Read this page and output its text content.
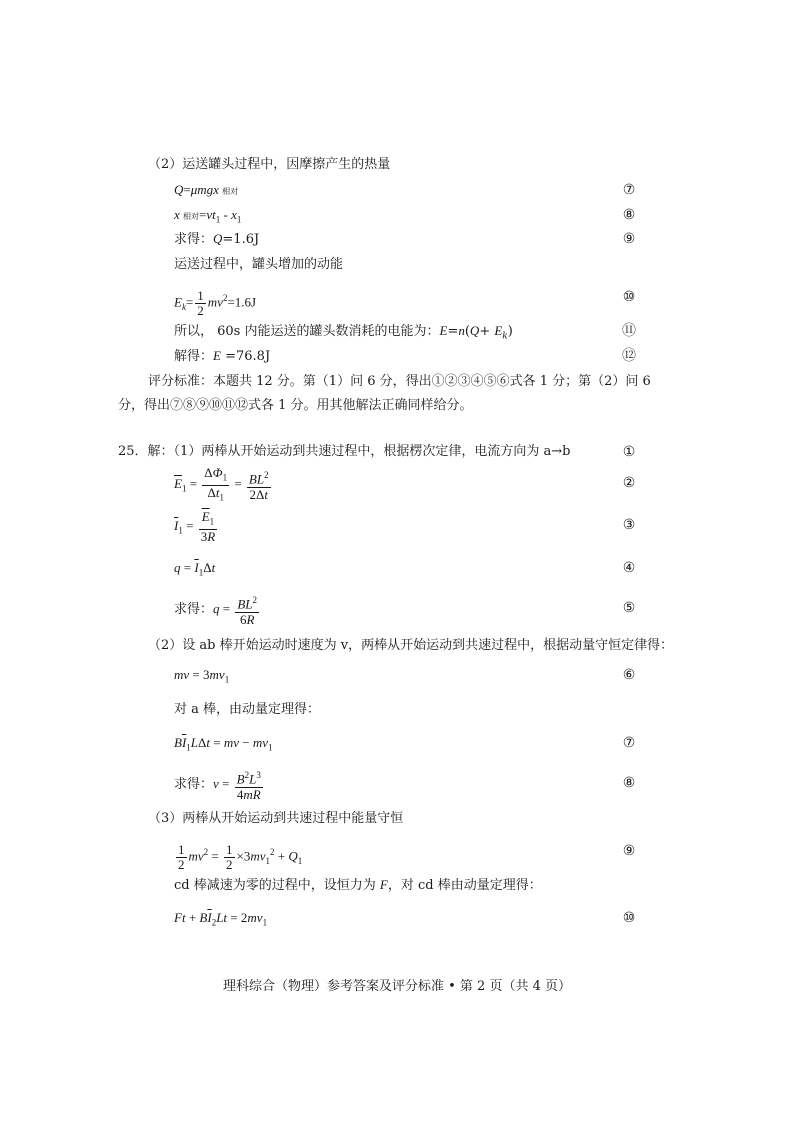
（2）运送罐头过程中，因摩擦产生的热量
Q=μmgx 相对	⑦
x 相对$=vt_1 - x_1$	⑧
求得：Q=1.6J	⑨
运送过程中，罐头增加的动能
$E_k= \frac{1}{2} mv^2=1.6J$	⑩
所以， 60s 内能运送的罐头数消耗的电能为：$E=n(Q+ E_k)$	⑪
解得：E =76.8J	⑫
评分标准：本题共 12 分。第（1）问 6 分，得出①②③④⑤⑥式各 1 分；第（2）问 6 分，得出⑦⑧⑨⑩⑪⑫式各 1 分。用其他解法正确同样给分。
25．解：（1）两棒从开始运动到共速过程中，根据楞次定律，电流方向为 a→b	①
$\overline{E}_1 = \frac{\Delta\Phi_1}{\Delta t_1} = \frac{BL^2}{2\Delta t}$	②
$\overline{I}_1 = \frac{\overline{E}_1}{3R}$	③
$q = \overline{I}_1\Delta t$	④
求得：$q = \frac{BL^2}{6R}$	⑤
（2）设 ab 棒开始运动时速度为 v，两棒从开始运动到共速过程中，根据动量守恒定律得：
mv = $3mv_1$	⑥
对 a 棒，由动量定理得：
$B\overline{I}_1L\Delta t$ = mv − $mv_1$	⑦
求得：$v = \frac{B^2L^3}{4mR}$	⑧
（3）两棒从开始运动到共速过程中能量守恒
$\frac{1}{2} mv^2 = \frac{1}{2} \times 3mv_1^2 + Q_1$
⑨
cd 棒减速为零的过程中，设恒力为 F，对 cd 棒由动量定理得：
$Ft + B\overline{I}_2Lt = 2mv_1$	⑩
理科综合（物理）参考答案及评分标准 • 第 2 页（共 4 页）
